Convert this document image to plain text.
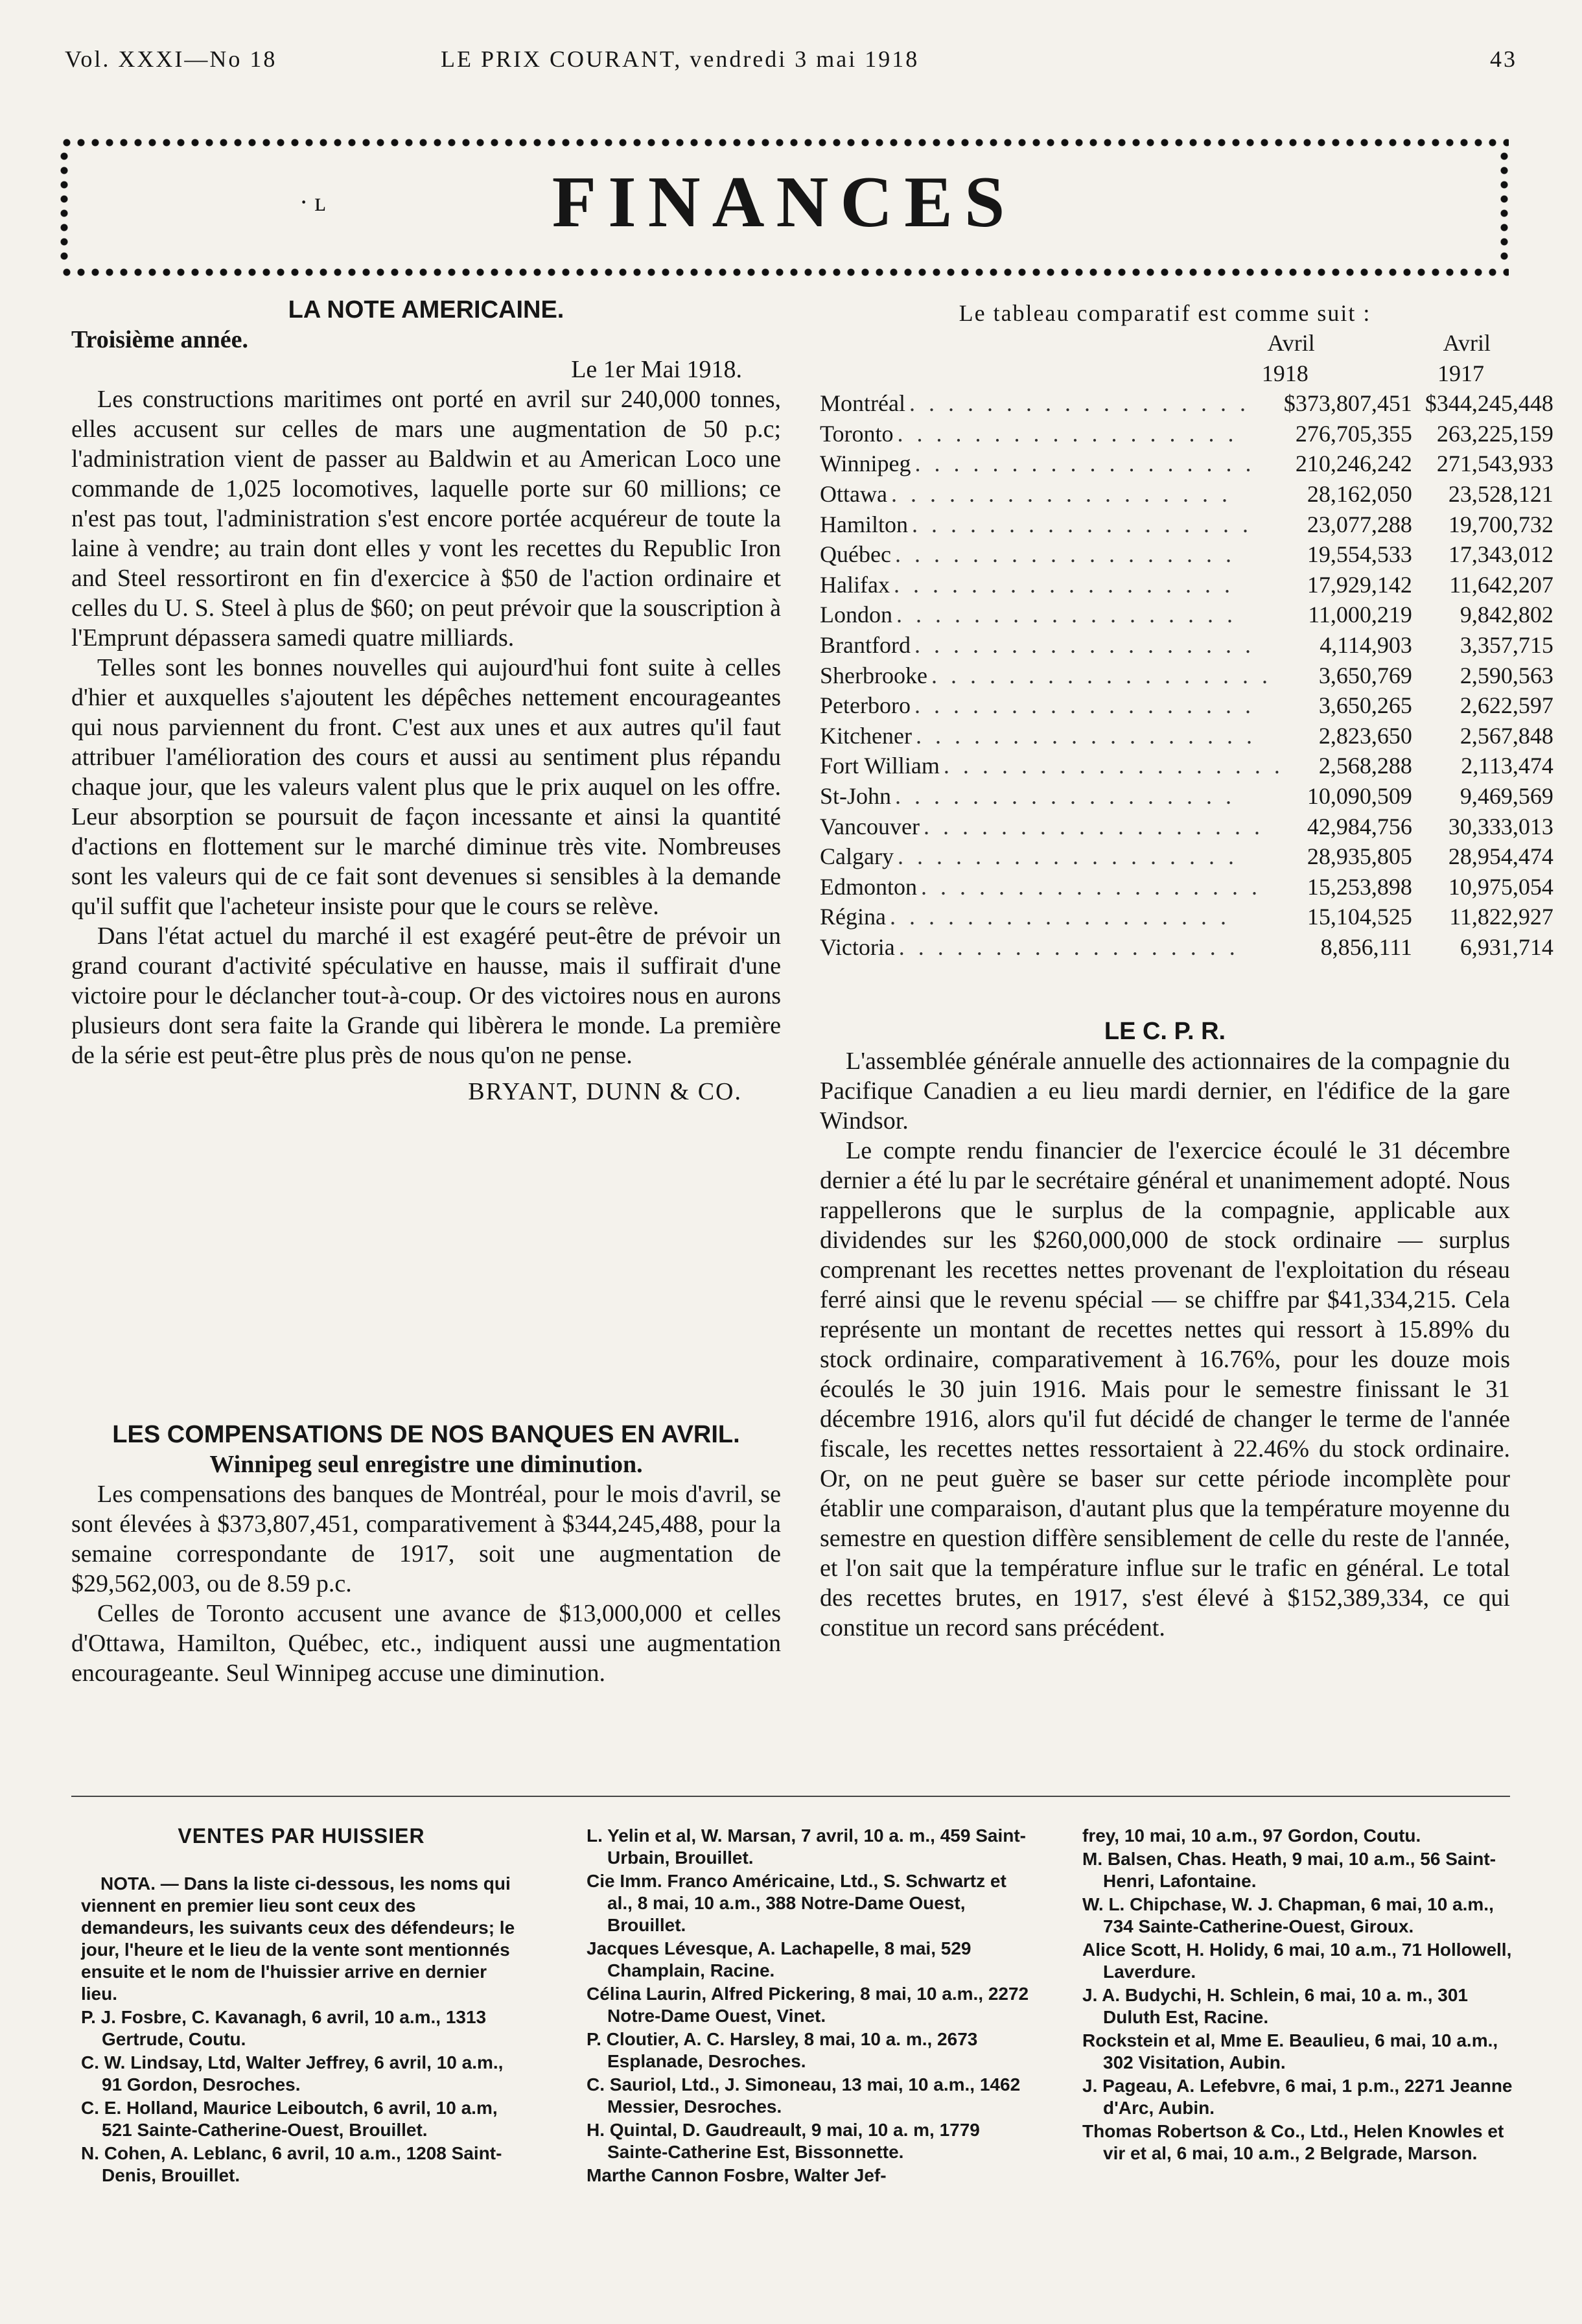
Vol. XXXI—No 18	LE PRIX COURANT, vendredi 3 mai 1918	43
· ʟ	FINANCES
LA NOTE AMERICAINE.
Troisième année.
Le 1er Mai 1918.

Les constructions maritimes ont porté en avril sur 240,000 tonnes, elles accusent sur celles de mars une augmentation de 50 p.c; l'administration vient de passer au Baldwin et au American Loco une commande de 1,025 locomotives, laquelle porte sur 60 millions; ce n'est pas tout, l'administration s'est encore portée acquéreur de toute la laine à vendre; au train dont elles y vont les recettes du Republic Iron and Steel ressortiront en fin d'exercice à $50 de l'action ordinaire et celles du U. S. Steel à plus de $60; on peut prévoir que la souscription à l'Emprunt dépassera samedi quatre milliards.

Telles sont les bonnes nouvelles qui aujourd'hui font suite à celles d'hier et auxquelles s'ajoutent les dépêches nettement encourageantes qui nous parviennent du front. C'est aux unes et aux autres qu'il faut attribuer l'amélioration des cours et aussi au sentiment plus répandu chaque jour, que les valeurs valent plus que le prix auquel on les offre. Leur absorption se poursuit de façon incessante et ainsi la quantité d'actions en flottement sur le marché diminue très vite. Nombreuses sont les valeurs qui de ce fait sont devenues si sensibles à la demande qu'il suffit que l'acheteur insiste pour que le cours se relève.

Dans l'état actuel du marché il est exagéré peut-être de prévoir un grand courant d'activité spéculative en hausse, mais il suffirait d'une victoire pour le déclancher tout-à-coup. Or des victoires nous en aurons plusieurs dont sera faite la Grande qui libèrera le monde. La première de la série est peut-être plus près de nous qu'on ne pense.

BRYANT, DUNN & CO.
LES COMPENSATIONS DE NOS BANQUES EN AVRIL.
Winnipeg seul enregistre une diminution.

Les compensations des banques de Montréal, pour le mois d'avril, se sont élevées à $373,807,451, comparativement à $344,245,488, pour la semaine correspondante de 1917, soit une augmentation de $29,562,003, ou de 8.59 p.c.

Celles de Toronto accusent une avance de $13,000,000 et celles d'Ottawa, Hamilton, Québec, etc., indiquent aussi une augmentation encourageante. Seul Winnipeg accuse une diminution.

Le tableau comparatif est comme suit :
	Avril	Avril
	1918	1917
Montréal . . . . . . . . . . . . . . . . . .	$373,807,451	$344,245,448
Toronto . . . . . . . . . . . . . . . . . .	276,705,355	263,225,159
Winnipeg . . . . . . . . . . . . . . . . . .	210,246,242	271,543,933
Ottawa . . . . . . . . . . . . . . . . . .	28,162,050	23,528,121
Hamilton . . . . . . . . . . . . . . . . . .	23,077,288	19,700,732
Québec . . . . . . . . . . . . . . . . . .	19,554,533	17,343,012
Halifax . . . . . . . . . . . . . . . . . .	17,929,142	11,642,207
London . . . . . . . . . . . . . . . . . .	11,000,219	9,842,802
Brantford . . . . . . . . . . . . . . . . . .	4,114,903	3,357,715
Sherbrooke . . . . . . . . . . . . . . . . . .	3,650,769	2,590,563
Peterboro . . . . . . . . . . . . . . . . . .	3,650,265	2,622,597
Kitchener . . . . . . . . . . . . . . . . . .	2,823,650	2,567,848
Fort William . . . . . . . . . . . . . . . . . .	2,568,288	2,113,474
St-John . . . . . . . . . . . . . . . . . .	10,090,509	9,469,569
Vancouver . . . . . . . . . . . . . . . . . .	42,984,756	30,333,013
Calgary . . . . . . . . . . . . . . . . . .	28,935,805	28,954,474
Edmonton . . . . . . . . . . . . . . . . . .	15,253,898	10,975,054
Régina . . . . . . . . . . . . . . . . . .	15,104,525	11,822,927
Victoria . . . . . . . . . . . . . . . . . .	8,856,111	6,931,714
LE C. P. R.

L'assemblée générale annuelle des actionnaires de la compagnie du Pacifique Canadien a eu lieu mardi dernier, en l'édifice de la gare Windsor.

Le compte rendu financier de l'exercice écoulé le 31 décembre dernier a été lu par le secrétaire général et unanimement adopté. Nous rappellerons que le surplus de la compagnie, applicable aux dividendes sur les $260,000,000 de stock ordinaire — surplus comprenant les recettes nettes provenant de l'exploitation du réseau ferré ainsi que le revenu spécial — se chiffre par $41,334,215. Cela représente un montant de recettes nettes qui ressort à 15.89% du stock ordinaire, comparativement à 16.76%, pour les douze mois écoulés le 30 juin 1916. Mais pour le semestre finissant le 31 décembre 1916, alors qu'il fut décidé de changer le terme de l'année fiscale, les recettes nettes ressortaient à 22.46% du stock ordinaire. Or, on ne peut guère se baser sur cette période incomplète pour établir une comparaison, d'autant plus que la température moyenne du semestre en question diffère sensiblement de celle du reste de l'année, et l'on sait que la température influe sur le trafic en général. Le total des recettes brutes, en 1917, s'est élevé à $152,389,334, ce qui constitue un record sans précédent.

VENTES PAR HUISSIER

NOTA. — Dans la liste ci-dessous, les noms qui viennent en premier lieu sont ceux des demandeurs, les suivants ceux des défendeurs; le jour, l'heure et le lieu de la vente sont mentionnés ensuite et le nom de l'huissier arrive en dernier lieu.

P. J. Fosbre, C. Kavanagh, 6 avril, 10 a.m., 1313 Gertrude, Coutu.

C. W. Lindsay, Ltd, Walter Jeffrey, 6 avril, 10 a.m., 91 Gordon, Desroches.

C. E. Holland, Maurice Leiboutch, 6 avril, 10 a.m, 521 Sainte-Catherine-Ouest, Brouillet.

N. Cohen, A. Leblanc, 6 avril, 10 a.m., 1208 Saint-Denis, Brouillet.

L. Yelin et al, W. Marsan, 7 avril, 10 a. m., 459 Saint-Urbain, Brouillet.

Cie Imm. Franco Américaine, Ltd., S. Schwartz et al., 8 mai, 10 a.m., 388 Notre-Dame Ouest, Brouillet.

Jacques Lévesque, A. Lachapelle, 8 mai, 529 Champlain, Racine.

Célina Laurin, Alfred Pickering, 8 mai, 10 a.m., 2272 Notre-Dame Ouest, Vinet.

P. Cloutier, A. C. Harsley, 8 mai, 10 a. m., 2673 Esplanade, Desroches.

C. Sauriol, Ltd., J. Simoneau, 13 mai, 10 a.m., 1462 Messier, Desroches.

H. Quintal, D. Gaudreault, 9 mai, 10 a. m, 1779 Sainte-Catherine Est, Bissonnette.

Marthe Cannon Fosbre, Walter Jef-

frey, 10 mai, 10 a.m., 97 Gordon, Coutu.

M. Balsen, Chas. Heath, 9 mai, 10 a.m., 56 Saint-Henri, Lafontaine.

W. L. Chipchase, W. J. Chapman, 6 mai, 10 a.m., 734 Sainte-Catherine-Ouest, Giroux.

Alice Scott, H. Holidy, 6 mai, 10 a.m., 71 Hollowell, Laverdure.

J. A. Budychi, H. Schlein, 6 mai, 10 a. m., 301 Duluth Est, Racine.

Rockstein et al, Mme E. Beaulieu, 6 mai, 10 a.m., 302 Visitation, Aubin.

J. Pageau, A. Lefebvre, 6 mai, 1 p.m., 2271 Jeanne d'Arc, Aubin.

Thomas Robertson & Co., Ltd., Helen Knowles et vir et al, 6 mai, 10 a.m., 2 Belgrade, Marson.
